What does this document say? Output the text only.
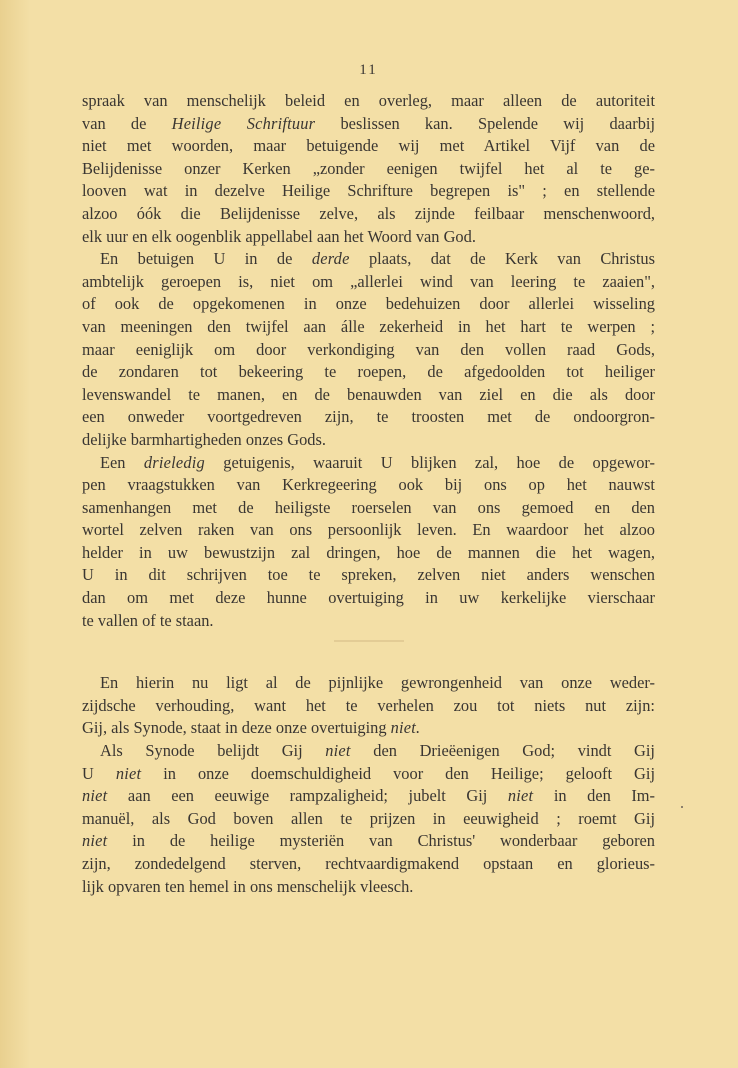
11
spraak van menschelijk beleid en overleg, maar alleen de autoriteit
van de Heilige Schriftuur beslissen kan. Spelende wij daarbij
niet met woorden, maar betuigende wij met Artikel Vijf van de
Belijdenisse onzer Kerken „zonder eenigen twijfel het al te ge-
looven wat in dezelve Heilige Schrifture begrepen is" ; en stellende
alzoo óók die Belijdenisse zelve, als zijnde feilbaar menschenwoord,
elk uur en elk oogenblik appellabel aan het Woord van God.
En betuigen U in de derde plaats, dat de Kerk van Christus
ambtelijk geroepen is, niet om „allerlei wind van leering te zaaien",
of ook de opgekomenen in onze bedehuizen door allerlei wisseling
van meeningen den twijfel aan álle zekerheid in het hart te werpen ;
maar eeniglijk om door verkondiging van den vollen raad Gods,
de zondaren tot bekeering te roepen, de afgedoolden tot heiliger
levenswandel te manen, en de benauwden van ziel en die als door
een onweder voortgedreven zijn, te troosten met de ondoorgron-
delijke barmhartigheden onzes Gods.
Een drieledig getuigenis, waaruit U blijken zal, hoe de opgewor-
pen vraagstukken van Kerkregeering ook bij ons op het nauwst
samenhangen met de heiligste roerselen van ons gemoed en den
wortel zelven raken van ons persoonlijk leven. En waardoor het alzoo
helder in uw bewustzijn zal dringen, hoe de mannen die het wagen,
U in dit schrijven toe te spreken, zelven niet anders wenschen
dan om met deze hunne overtuiging in uw kerkelijke vierschaar
te vallen of te staan.
En hierin nu ligt al de pijnlijke gewrongenheid van onze weder-
zijdsche verhouding, want het te verhelen zou tot niets nut zijn:
Gij, als Synode, staat in deze onze overtuiging niet.
Als Synode belijdt Gij niet den Drieëenigen God; vindt Gij
U niet in onze doemschuldigheid voor den Heilige; gelooft Gij
niet aan een eeuwige rampzaligheid; jubelt Gij niet in den Im-
manuël, als God boven allen te prijzen in eeuwigheid ; roemt Gij
niet in de heilige mysteriën van Christus' wonderbaar geboren
zijn, zondedelgend sterven, rechtvaardigmakend opstaan en glorieus-
lijk opvaren ten hemel in ons menschelijk vleesch.
